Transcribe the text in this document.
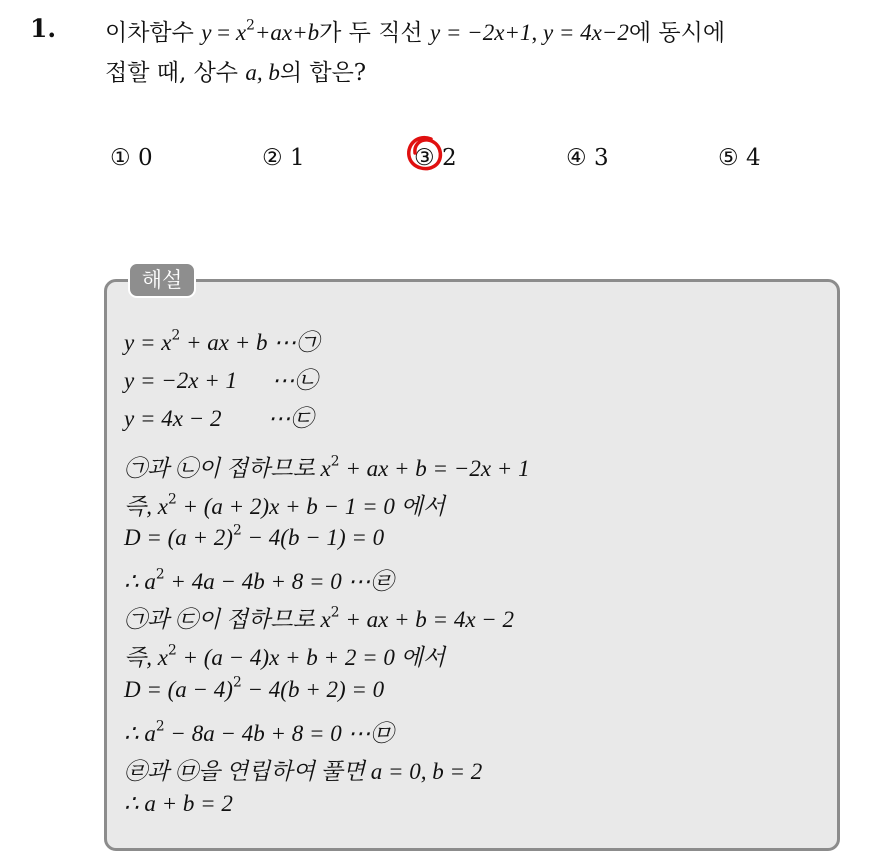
1. 이차함수 $y = x^2+ax+b$가 두 직선 y = −2x+1, y = 4x−2에 동시에
접할 때, 상수 a, b의 합은?
① 0	② 1	③ 2	④ 3	⑤ 4
해설
$y = x^2$ + ax + b ⋯㉠
y = −2x + 1      ⋯㉡
y = 4x − 2        ⋯㉢
㉠과 ㉡이 접하므로 $x^2$ + ax + b = −2x + 1
즉, $x^2 + (a + 2)x + b - 1 = 0$ 에서
$D = (a + 2)^2 - 4(b - 1) = 0$
∴ $a^2 + 4a - 4b + 8 = 0$ ⋯㉣
㉠과 ㉢이 접하므로 $x^2$ + ax + b = 4x − 2
즉, $x^2 + (a - 4)x + b + 2 = 0$ 에서
$D = (a - 4)^2 - 4(b + 2) = 0$
∴ $a^2 - 8a - 4b + 8 = 0$ ⋯㉤
㉣과 ㉤을 연립하여 풀면 a = 0, b = 2
∴ a + b = 2
